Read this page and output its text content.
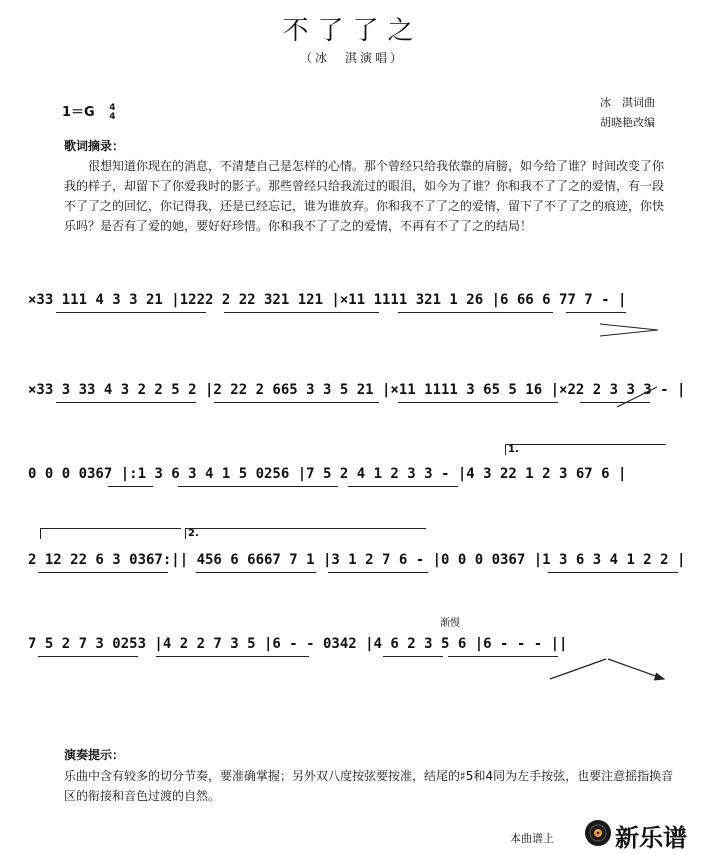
不了了之
（冰　淇演唱）
1＝G 4
4
冰　淇词曲
胡晓艳改编
歌词摘录：
很想知道你现在的消息，不清楚自己是怎样的心情。那个曾经只给我依靠的肩膀，如今给了谁？时间改变了你我的样子，却留下了你爱我时的影子。那些曾经只给我流过的眼泪，如今为了谁？你和我不了了之的爱情，有一段不了了之的回忆，你记得我，还是已经忘记，谁为谁放弃。你和我不了了之的爱情，留下了不了了之的痕迹，你快乐吗？是否有了爱的她，要好好珍惜。你和我不了了之的爱情，不再有不了了之的结局！
×33 111 4 3 3 21 |1222 2 22 321 121 |×11 1111 321 1 26 |6 66 6 77 7 - |
×33 3 33 4 3 2 2 5 2 |2 22 2 665 3 3 5 21 |×11 1111 3 65 5 16 |×22 2 3 3 3 - |
0 0 0 0367 |:1 3 6 3 4 1 5 0256 |7 5 2 4 1 2 3 3 - |4 3 22 1 2 3 67 6 |
1.
2 12 22 6 3 0367:|| 456 6 6667 7 1 |3 1 2 7 6 - |0 0 0 0367 |1 3 6 3 4 1 2 2 |
2.
渐慢
7 5 2 7 3 0253 |4 2 2 7 3 5 |6 - - 0342 |4 6 2 3 5 6 |6 - - - ||
演奏提示：
乐曲中含有较多的切分节奏，要准确掌握；另外双八度按弦要按准，结尾的♯5和4同为左手按弦，也要注意摇指换音区的衔接和音色过渡的自然。
本曲谱上	新乐谱
